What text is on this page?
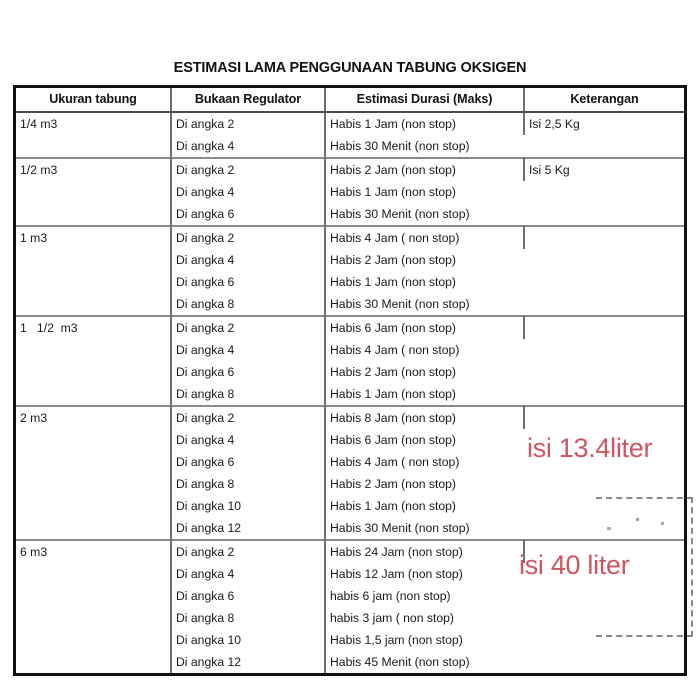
ESTIMASI LAMA PENGGUNAAN TABUNG OKSIGEN
Ukuran tabung	Bukaan Regulator	Estimasi Durasi (Maks)	Keterangan
1/4 m3	Di angka 2	Habis 1 Jam (non stop)	Isi 2,5 Kg
	Di angka 4	Habis 30 Menit (non stop)	
1/2 m3	Di angka 2	Habis 2 Jam (non stop)	Isi 5 Kg
	Di angka 4	Habis 1 Jam (non stop)	
	Di angka 6	Habis 30 Menit (non stop)	
1 m3	Di angka 2	Habis 4 Jam ( non stop)	
	Di angka 4	Habis 2 Jam (non stop)	
	Di angka 6	Habis 1 Jam (non stop)	
	Di angka 8	Habis 30 Menit (non stop)	
1   1/2  m3	Di angka 2	Habis 6 Jam (non stop)	
	Di angka 4	Habis 4 Jam ( non stop)	
	Di angka 6	Habis 2 Jam (non stop)	
	Di angka 8	Habis 1 Jam (non stop)	
2 m3	Di angka 2	Habis 8 Jam (non stop)	
	Di angka 4	Habis 6 Jam (non stop)	
	Di angka 6	Habis 4 Jam ( non stop)	
	Di angka 8	Habis 2 Jam (non stop)	
	Di angka 10	Habis 1 Jam (non stop)	
	Di angka 12	Habis 30 Menit (non stop)	
6 m3	Di angka 2	Habis 24 Jam (non stop)	
	Di angka 4	Habis 12 Jam (non stop)	
	Di angka 6	habis 6 jam (non stop)	
	Di angka 8	habis 3 jam ( non stop)	
	Di angka 10	Habis 1,5 jam (non stop)	
	Di angka 12	Habis 45 Menit (non stop)	
isi 13.4liter
isi 40 liter
